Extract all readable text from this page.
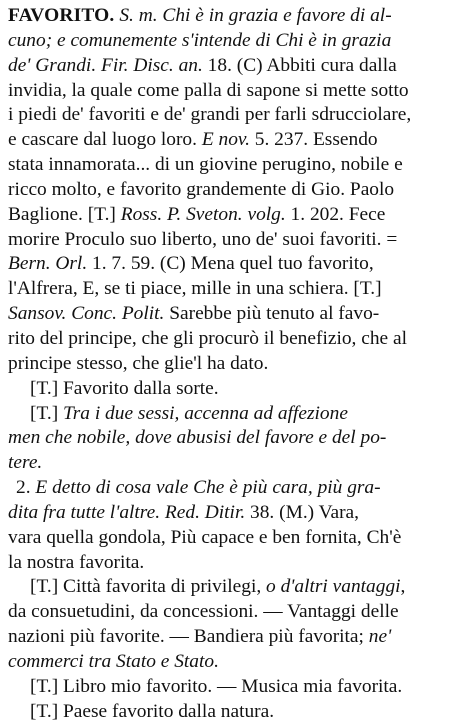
FAVORITO. S. m. Chi è in grazia e favore di al-
cuno; e comunemente s'intende di Chi è in grazia
de' Grandi. Fir. Disc. an. 18. (C) Abbiti cura dalla
invidia, la quale come palla di sapone si mette sotto
i piedi de' favoriti e de' grandi per farli sdrucciolare,
e cascare dal luogo loro. E nov. 5. 237. Essendo
stata innamorata... di un giovine perugino, nobile e
ricco molto, e favorito grandemente di Gio. Paolo
Baglione. [T.] Ross. P. Sveton. volg. 1. 202. Fece
morire Proculo suo liberto, uno de' suoi favoriti. =
Bern. Orl. 1. 7. 59. (C) Mena quel tuo favorito,
l'Alfrera, E, se ti piace, mille in una schiera. [T.]
Sansov. Conc. Polit. Sarebbe più tenuto al favo-
rito del principe, che gli procurò il benefizio, che al
principe stesso, che glie'l ha dato.
[T.] Favorito dalla sorte.
[T.] Tra i due sessi, accenna ad affezione
men che nobile, dove abusisi del favore e del po-
tere.
2. E detto di cosa vale Che è più cara, più gra-
dita fra tutte l'altre. Red. Ditir. 38. (M.) Vara,
vara quella gondola, Più capace e ben fornita, Ch'è
la nostra favorita.
[T.] Città favorita di privilegi, o d'altri vantaggi,
da consuetudini, da concessioni. — Vantaggi delle
nazioni più favorite. — Bandiera più favorita; ne'
commerci tra Stato e Stato.
[T.] Libro mio favorito. — Musica mia favorita.
[T.] Paese favorito dalla natura.
